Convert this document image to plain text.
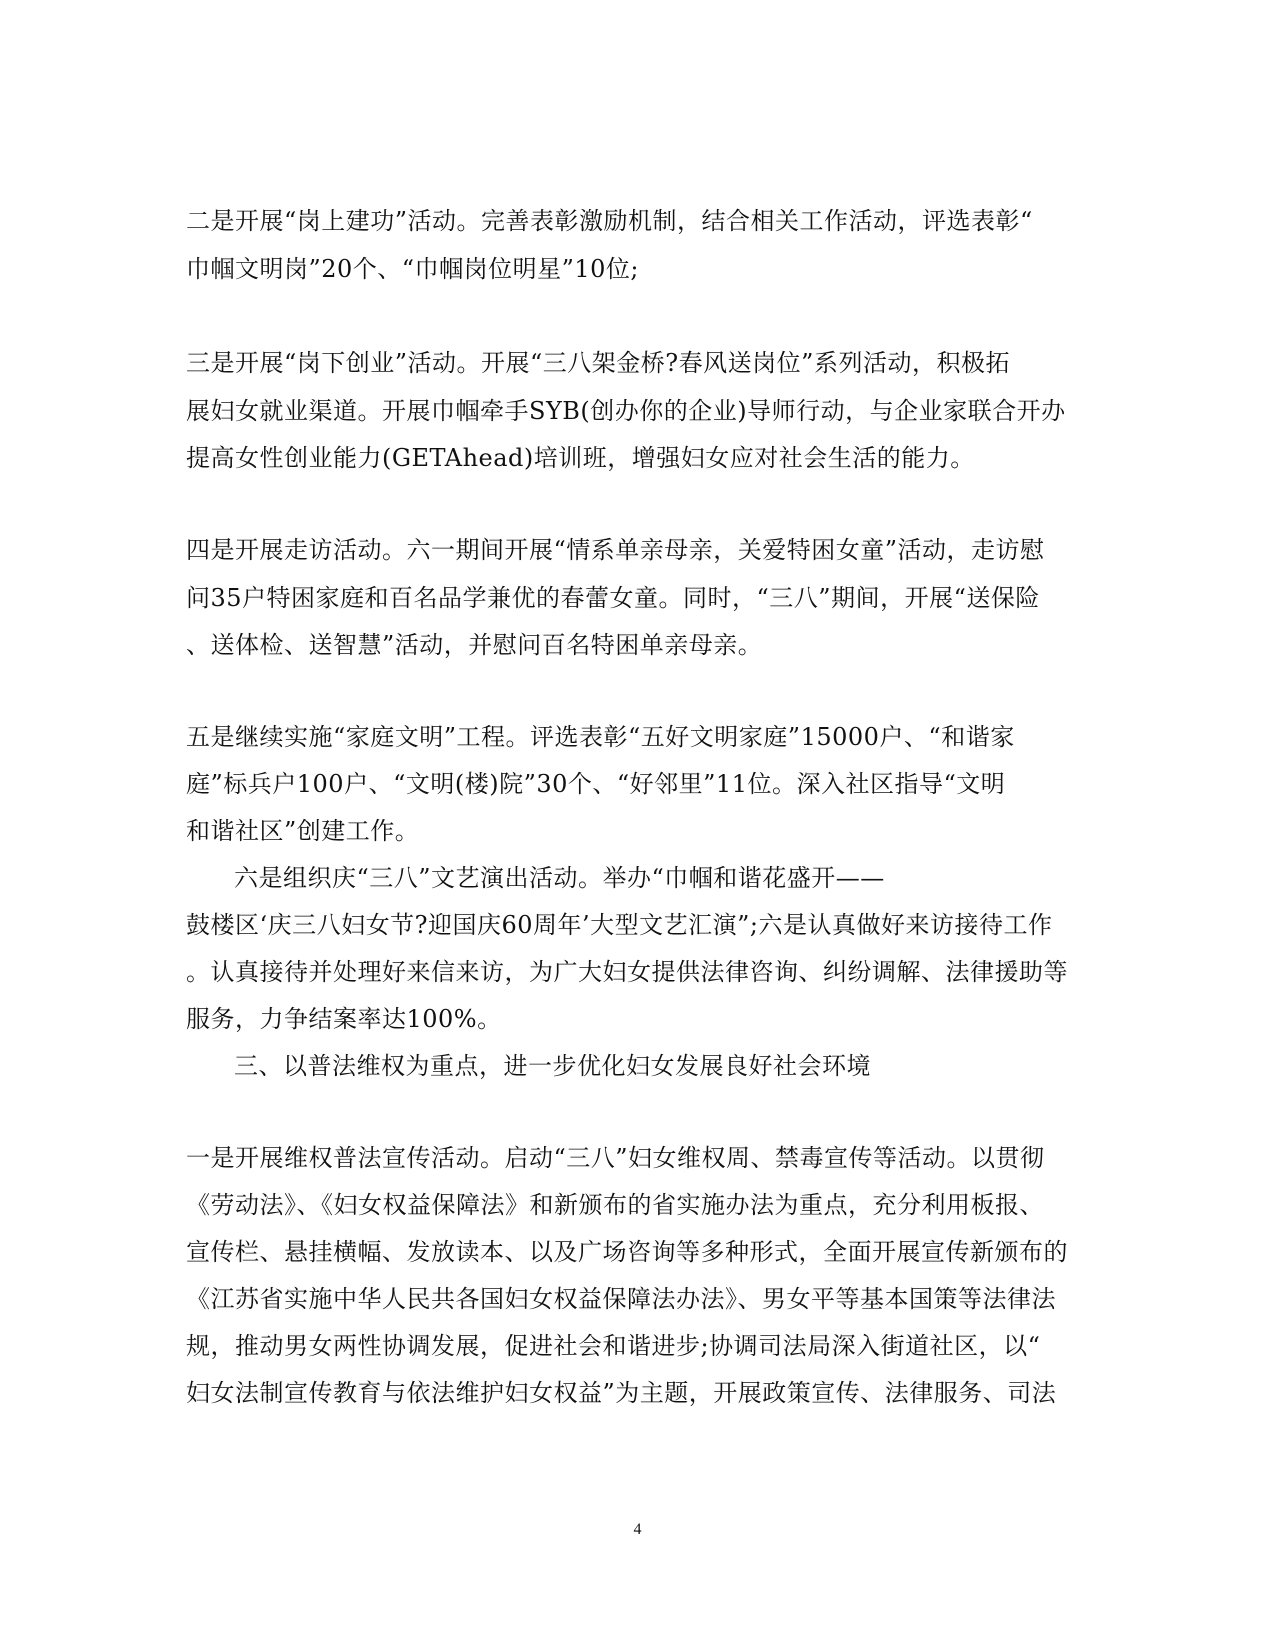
二是开展“岗上建功”活动。完善表彰激励机制，结合相关工作活动，评选表彰“
巾帼文明岗”20个、“巾帼岗位明星”10位;
三是开展“岗下创业”活动。开展“三八架金桥?春风送岗位”系列活动，积极拓
展妇女就业渠道。开展巾帼牵手SYB(创办你的企业)导师行动，与企业家联合开办
提高女性创业能力(GETAhead)培训班，增强妇女应对社会生活的能力。
四是开展走访活动。六一期间开展“情系单亲母亲，关爱特困女童”活动，走访慰
问35户特困家庭和百名品学兼优的春蕾女童。同时，“三八”期间，开展“送保险
、送体检、送智慧”活动，并慰问百名特困单亲母亲。
五是继续实施“家庭文明”工程。评选表彰“五好文明家庭”15000户、“和谐家
庭”标兵户100户、“文明(楼)院”30个、“好邻里”11位。深入社区指导“文明
和谐社区”创建工作。
六是组织庆“三八”文艺演出活动。举办“巾帼和谐花盛开——
鼓楼区‘庆三八妇女节?迎国庆60周年’大型文艺汇演”;六是认真做好来访接待工作
。认真接待并处理好来信来访，为广大妇女提供法律咨询、纠纷调解、法律援助等
服务，力争结案率达100%。
三、以普法维权为重点，进一步优化妇女发展良好社会环境
一是开展维权普法宣传活动。启动“三八”妇女维权周、禁毒宣传等活动。以贯彻
《劳动法》、《妇女权益保障法》和新颁布的省实施办法为重点，充分利用板报、
宣传栏、悬挂横幅、发放读本、以及广场咨询等多种形式，全面开展宣传新颁布的
《江苏省实施中华人民共各国妇女权益保障法办法》、男女平等基本国策等法律法
规，推动男女两性协调发展，促进社会和谐进步;协调司法局深入街道社区，以“
妇女法制宣传教育与依法维护妇女权益”为主题，开展政策宣传、法律服务、司法
4
